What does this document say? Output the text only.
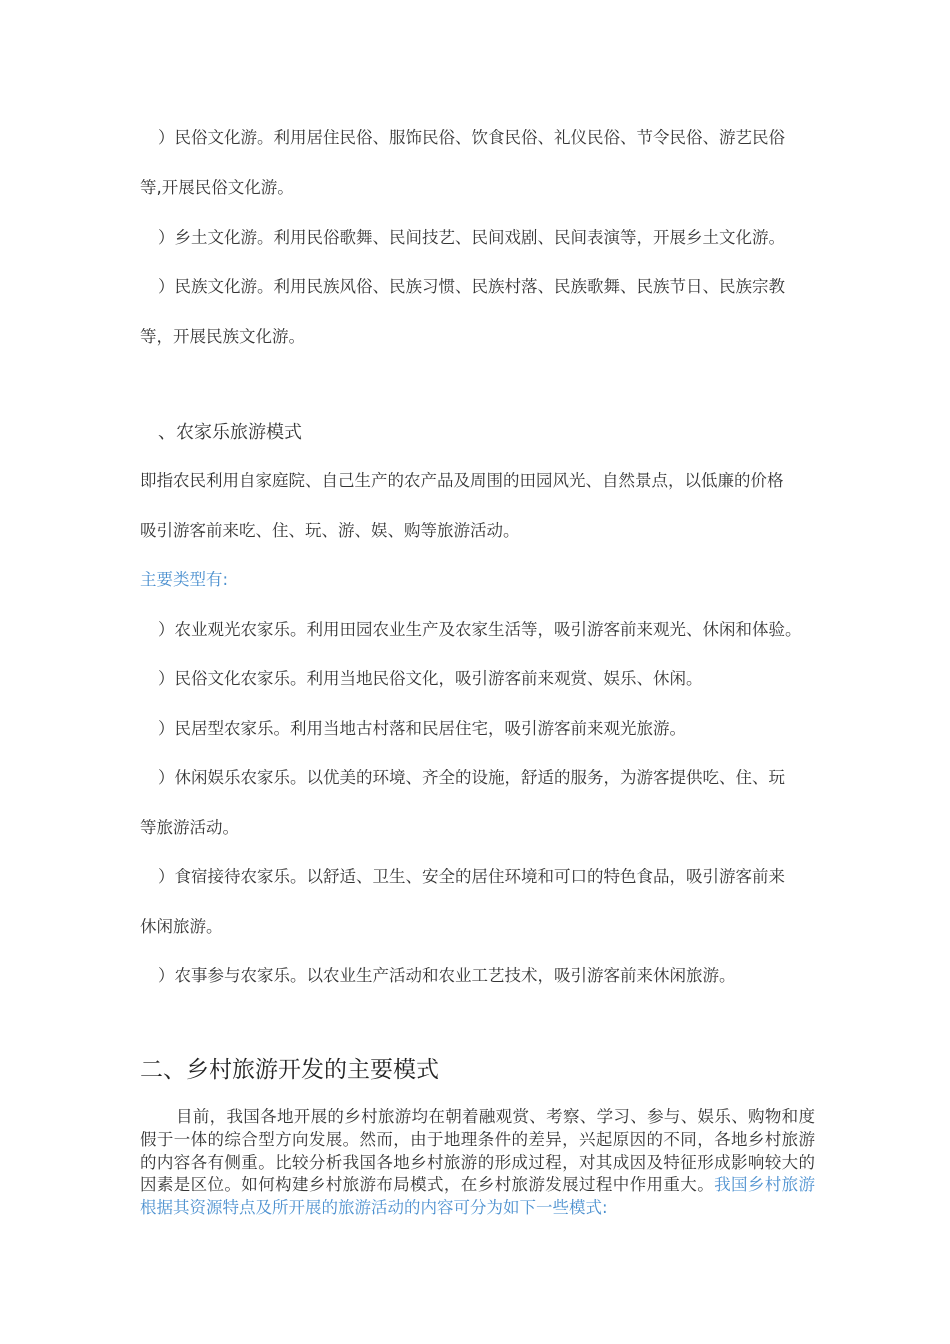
）民俗文化游。利用居住民俗、服饰民俗、饮食民俗、礼仪民俗、节令民俗、游艺民俗
等,开展民俗文化游。
）乡土文化游。利用民俗歌舞、民间技艺、民间戏剧、民间表演等，开展乡土文化游。
）民族文化游。利用民族风俗、民族习惯、民族村落、民族歌舞、民族节日、民族宗教
等，开展民族文化游。
、农家乐旅游模式
即指农民利用自家庭院、自己生产的农产品及周围的田园风光、自然景点，以低廉的价格
吸引游客前来吃、住、玩、游、娱、购等旅游活动。
主要类型有:
）农业观光农家乐。利用田园农业生产及农家生活等，吸引游客前来观光、休闲和体验。
）民俗文化农家乐。利用当地民俗文化，吸引游客前来观赏、娱乐、休闲。
）民居型农家乐。利用当地古村落和民居住宅，吸引游客前来观光旅游。
）休闲娱乐农家乐。以优美的环境、齐全的设施，舒适的服务，为游客提供吃、住、玩
等旅游活动。
）食宿接待农家乐。以舒适、卫生、安全的居住环境和可口的特色食品，吸引游客前来
休闲旅游。
）农事参与农家乐。以农业生产活动和农业工艺技术，吸引游客前来休闲旅游。
二、乡村旅游开发的主要模式

目前，我国各地开展的乡村旅游均在朝着融观赏、考察、学习、参与、娱乐、购物和度假于一体的综合型方向发展。然而，由于地理条件的差异，兴起原因的不同，各地乡村旅游的内容各有侧重。比较分析我国各地乡村旅游的形成过程，对其成因及特征形成影响较大的因素是区位。如何构建乡村旅游布局模式，在乡村旅游发展过程中作用重大。我国乡村旅游根据其资源特点及所开展的旅游活动的内容可分为如下一些模式:
